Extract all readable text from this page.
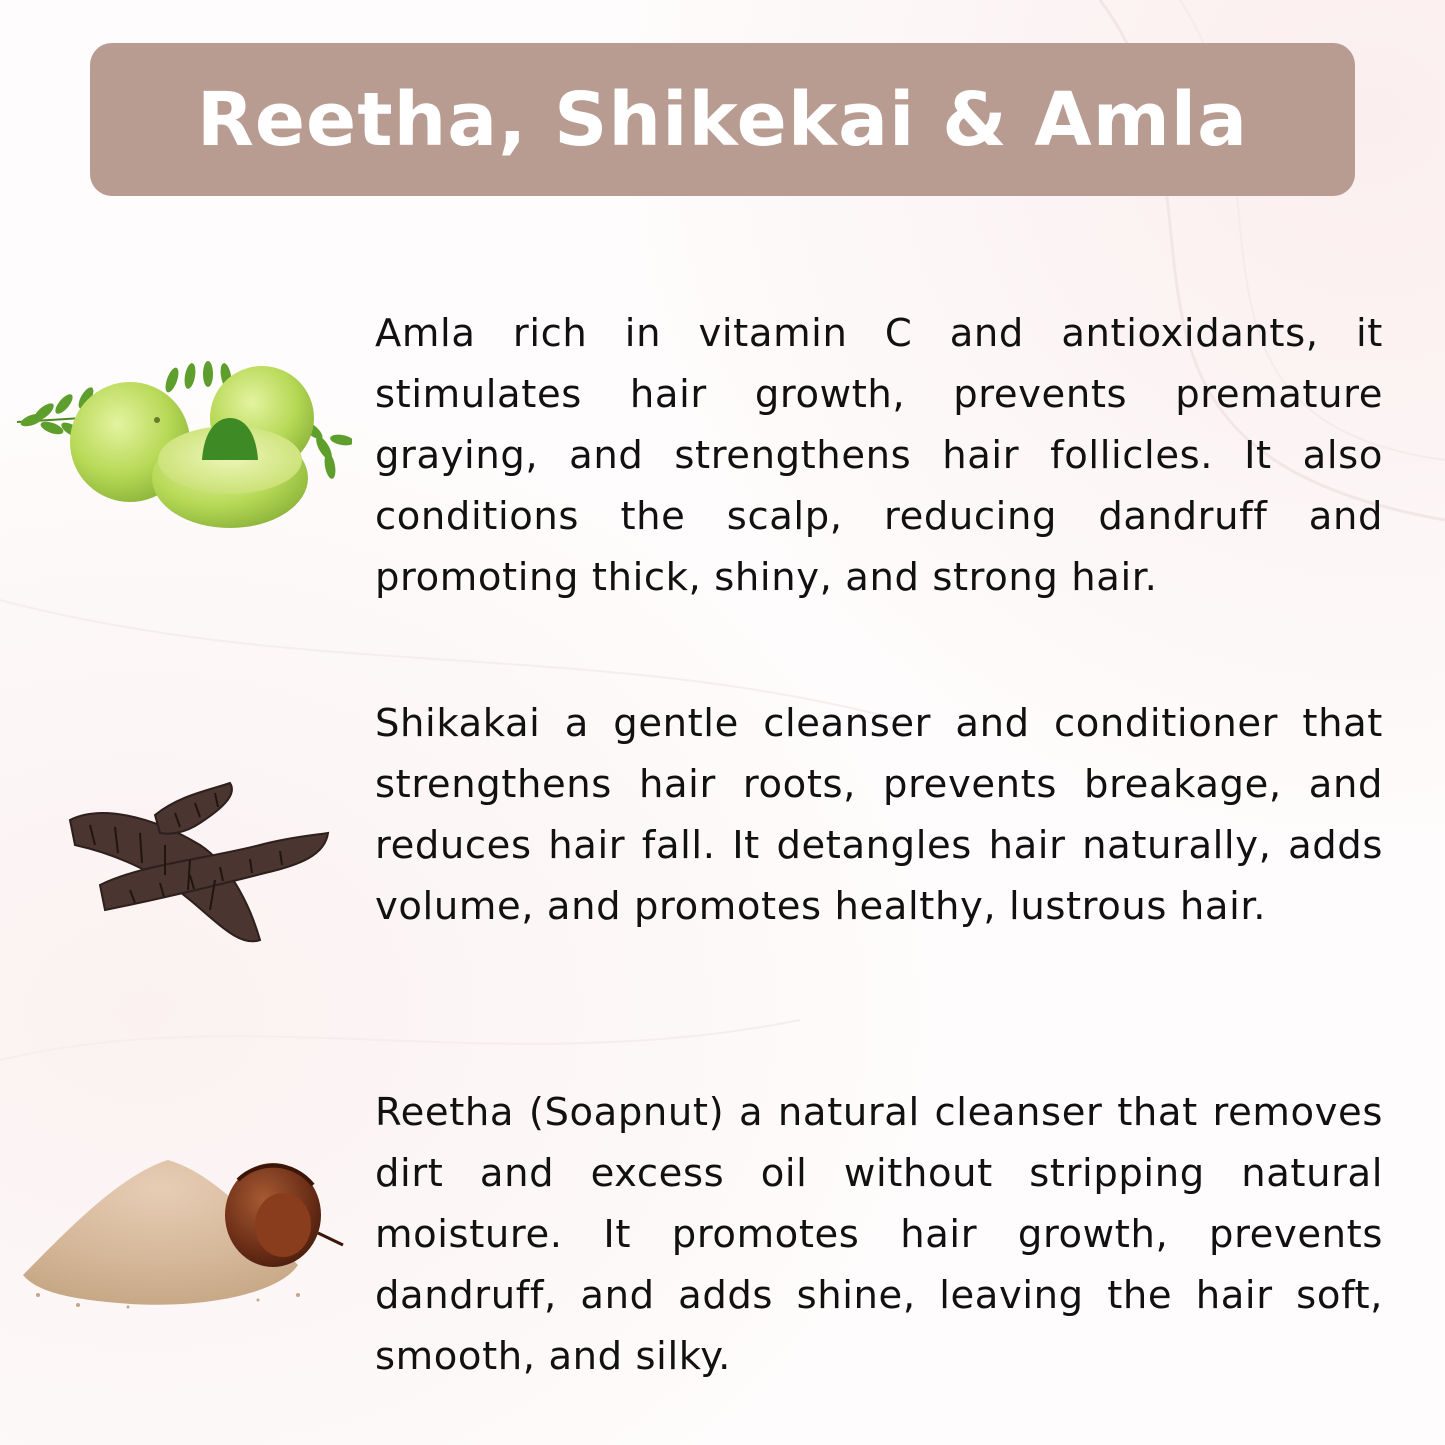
Reetha, Shikekai & Amla

Amla rich in vitamin C and antioxidants, it stimulates hair growth, prevents premature graying, and strengthens hair follicles. It also conditions the scalp, reducing dandruff and promoting thick, shiny, and strong hair.

Shikakai a gentle cleanser and conditioner that strengthens hair roots, prevents breakage, and reduces hair fall. It detangles hair naturally, adds volume, and promotes healthy, lustrous hair.

Reetha (Soapnut) a natural cleanser that removes dirt and excess oil without stripping natural moisture. It promotes hair growth, prevents dandruff, and adds shine, leaving the hair soft, smooth, and silky.
